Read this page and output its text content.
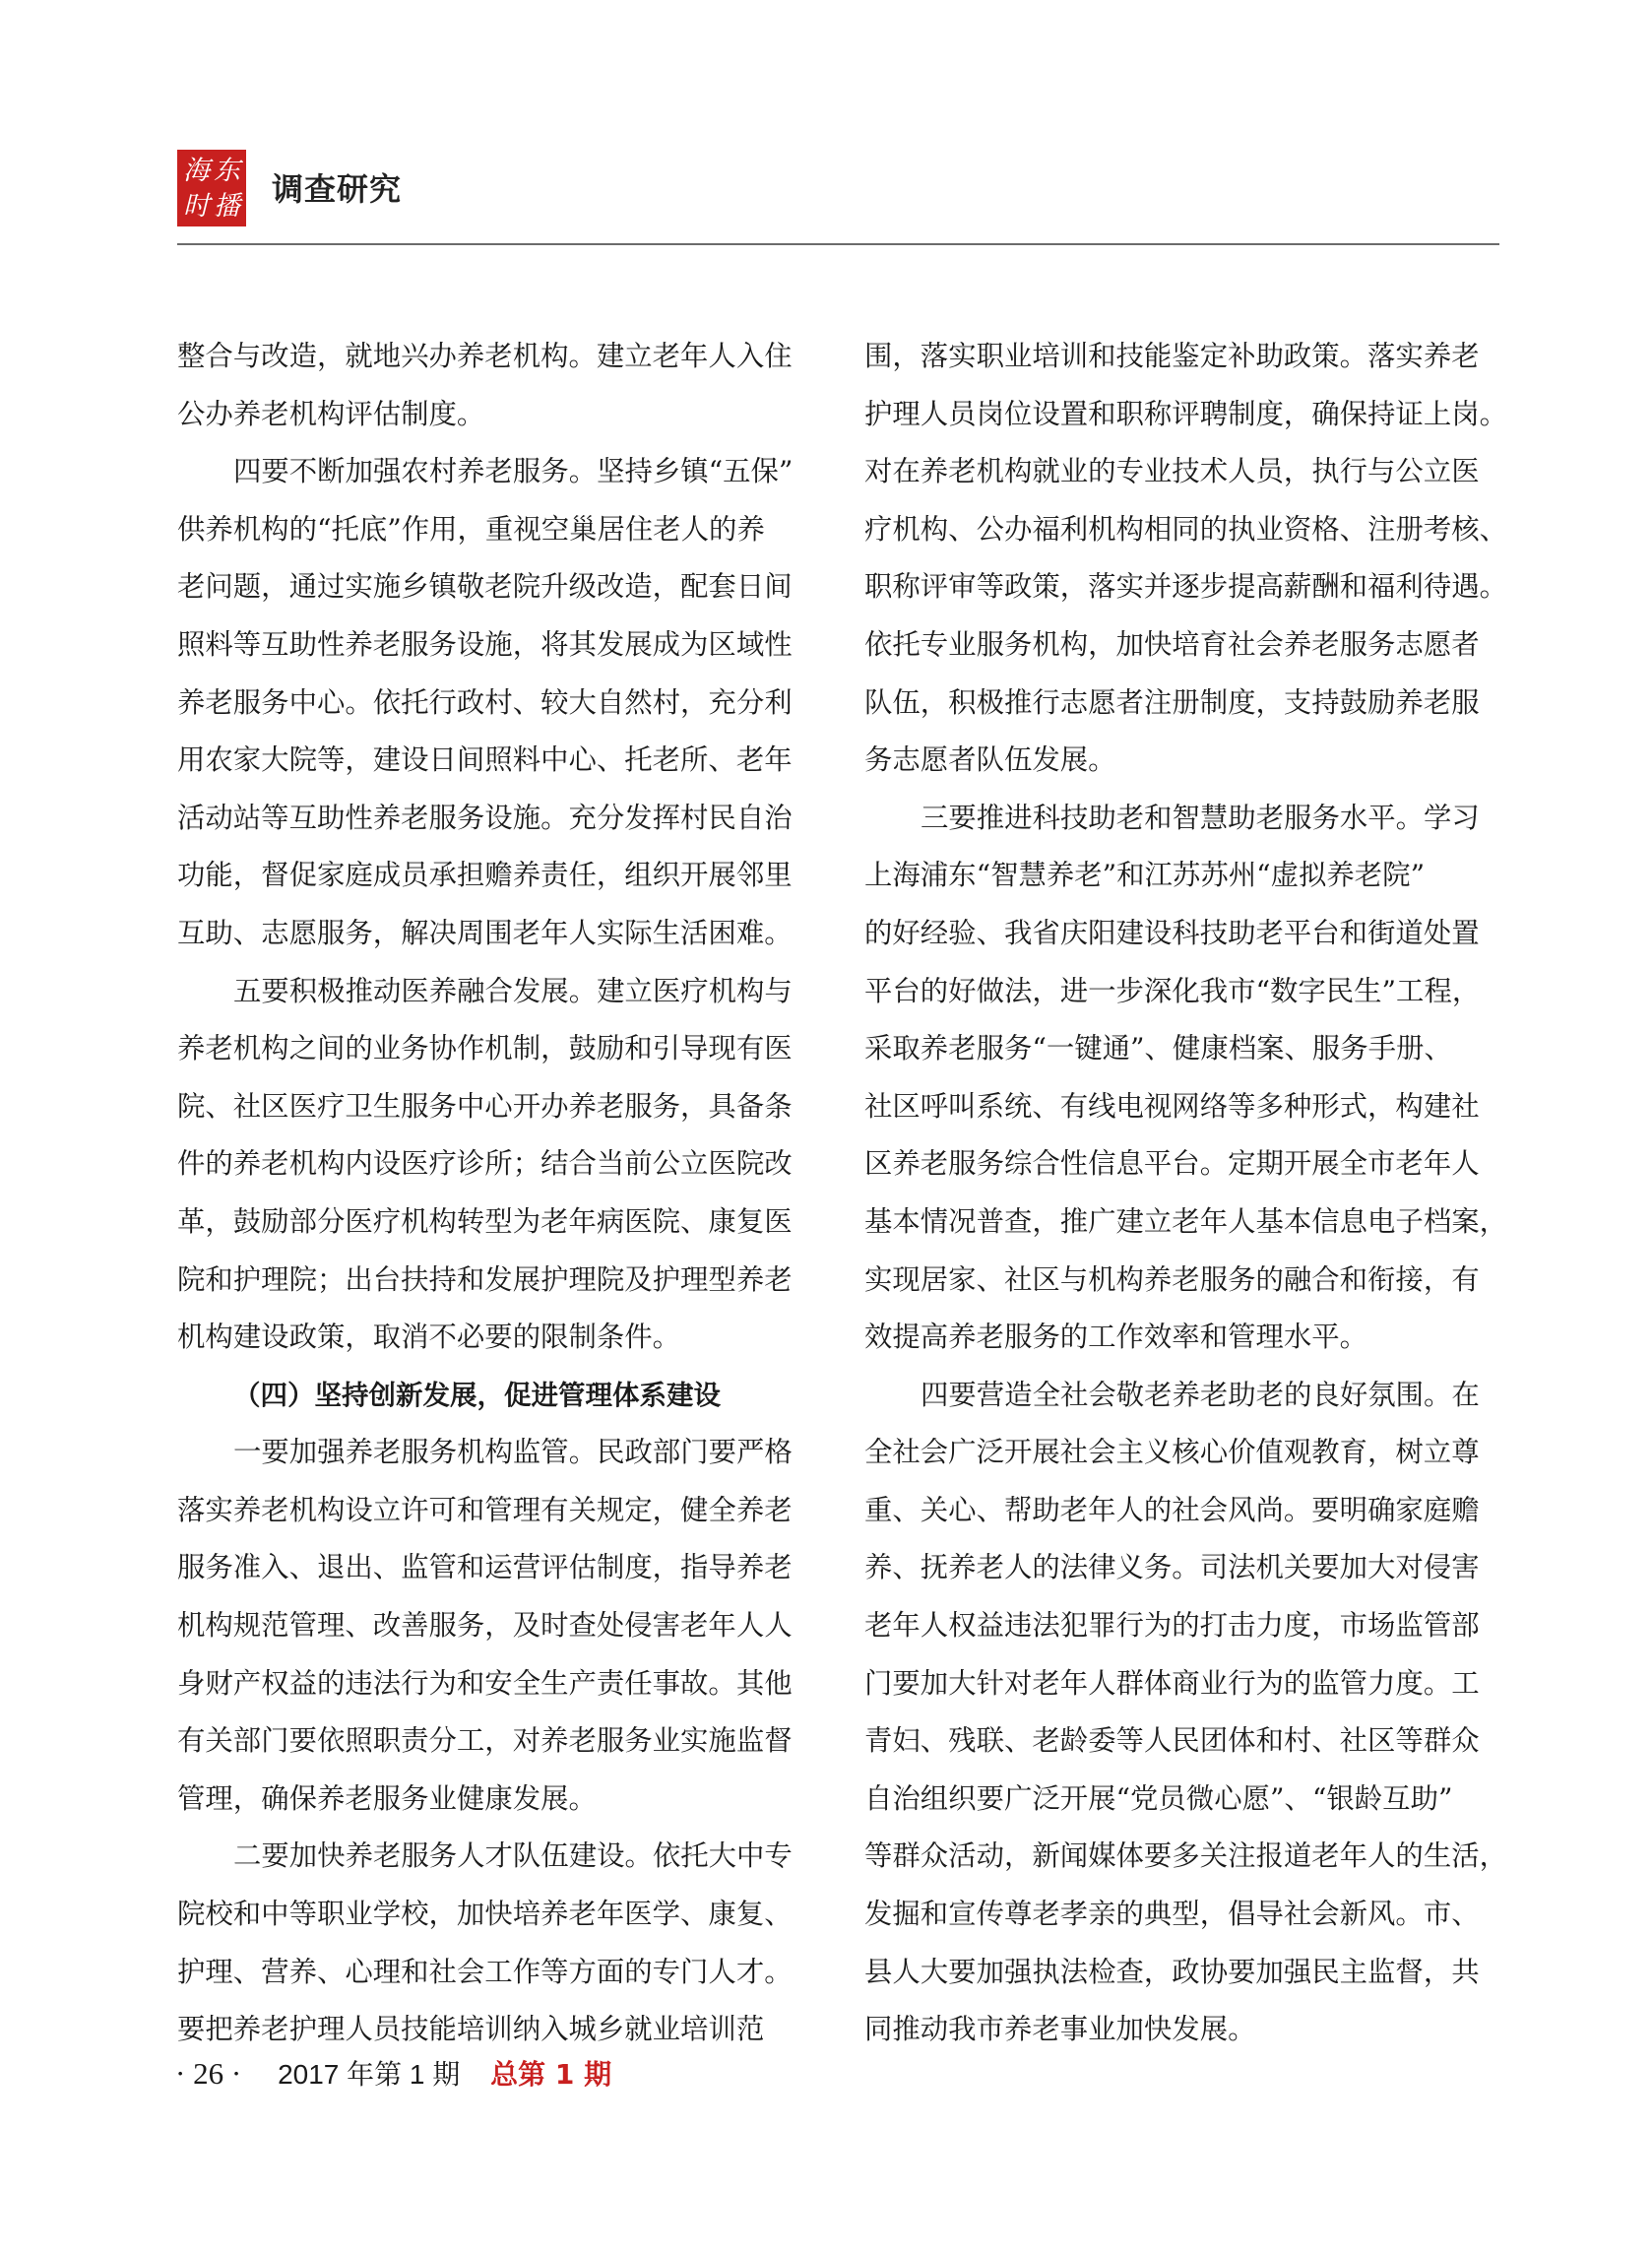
海 东
时 播 调查研究
整合与改造，就地兴办养老机构。建立老年人入住
公办养老机构评估制度。
四要不断加强农村养老服务。坚持乡镇“五保”
供养机构的“托底”作用，重视空巢居住老人的养
老问题，通过实施乡镇敬老院升级改造，配套日间
照料等互助性养老服务设施，将其发展成为区域性
养老服务中心。依托行政村、较大自然村，充分利
用农家大院等，建设日间照料中心、托老所、老年
活动站等互助性养老服务设施。充分发挥村民自治
功能，督促家庭成员承担赡养责任，组织开展邻里
互助、志愿服务，解决周围老年人实际生活困难。
五要积极推动医养融合发展。建立医疗机构与
养老机构之间的业务协作机制，鼓励和引导现有医
院、社区医疗卫生服务中心开办养老服务，具备条
件的养老机构内设医疗诊所；结合当前公立医院改
革，鼓励部分医疗机构转型为老年病医院、康复医
院和护理院；出台扶持和发展护理院及护理型养老
机构建设政策，取消不必要的限制条件。
（四）坚持创新发展，促进管理体系建设
一要加强养老服务机构监管。民政部门要严格
落实养老机构设立许可和管理有关规定，健全养老
服务准入、退出、监管和运营评估制度，指导养老
机构规范管理、改善服务，及时查处侵害老年人人
身财产权益的违法行为和安全生产责任事故。其他
有关部门要依照职责分工，对养老服务业实施监督
管理，确保养老服务业健康发展。
二要加快养老服务人才队伍建设。依托大中专
院校和中等职业学校，加快培养老年医学、康复、
护理、营养、心理和社会工作等方面的专门人才。
要把养老护理人员技能培训纳入城乡就业培训范
围，落实职业培训和技能鉴定补助政策。落实养老
护理人员岗位设置和职称评聘制度，确保持证上岗。
对在养老机构就业的专业技术人员，执行与公立医
疗机构、公办福利机构相同的执业资格、注册考核、
职称评审等政策，落实并逐步提高薪酬和福利待遇。
依托专业服务机构，加快培育社会养老服务志愿者
队伍，积极推行志愿者注册制度，支持鼓励养老服
务志愿者队伍发展。
三要推进科技助老和智慧助老服务水平。学习
上海浦东“智慧养老”和江苏苏州“虚拟养老院”
的好经验、我省庆阳建设科技助老平台和街道处置
平台的好做法，进一步深化我市“数字民生”工程，
采取养老服务“一键通”、健康档案、服务手册、
社区呼叫系统、有线电视网络等多种形式，构建社
区养老服务综合性信息平台。定期开展全市老年人
基本情况普查，推广建立老年人基本信息电子档案，
实现居家、社区与机构养老服务的融合和衔接，有
效提高养老服务的工作效率和管理水平。
四要营造全社会敬老养老助老的良好氛围。在
全社会广泛开展社会主义核心价值观教育，树立尊
重、关心、帮助老年人的社会风尚。要明确家庭赡
养、抚养老人的法律义务。司法机关要加大对侵害
老年人权益违法犯罪行为的打击力度，市场监管部
门要加大针对老年人群体商业行为的监管力度。工
青妇、残联、老龄委等人民团体和村、社区等群众
自治组织要广泛开展“党员微心愿”、“银龄互助”
等群众活动，新闻媒体要多关注报道老年人的生活，
发掘和宣传尊老孝亲的典型，倡导社会新风。市、
县人大要加强执法检查，政协要加强民主监督，共
同推动我市养老事业加快发展。
· 26 · 2017 年第 1 期 总第 1 期
